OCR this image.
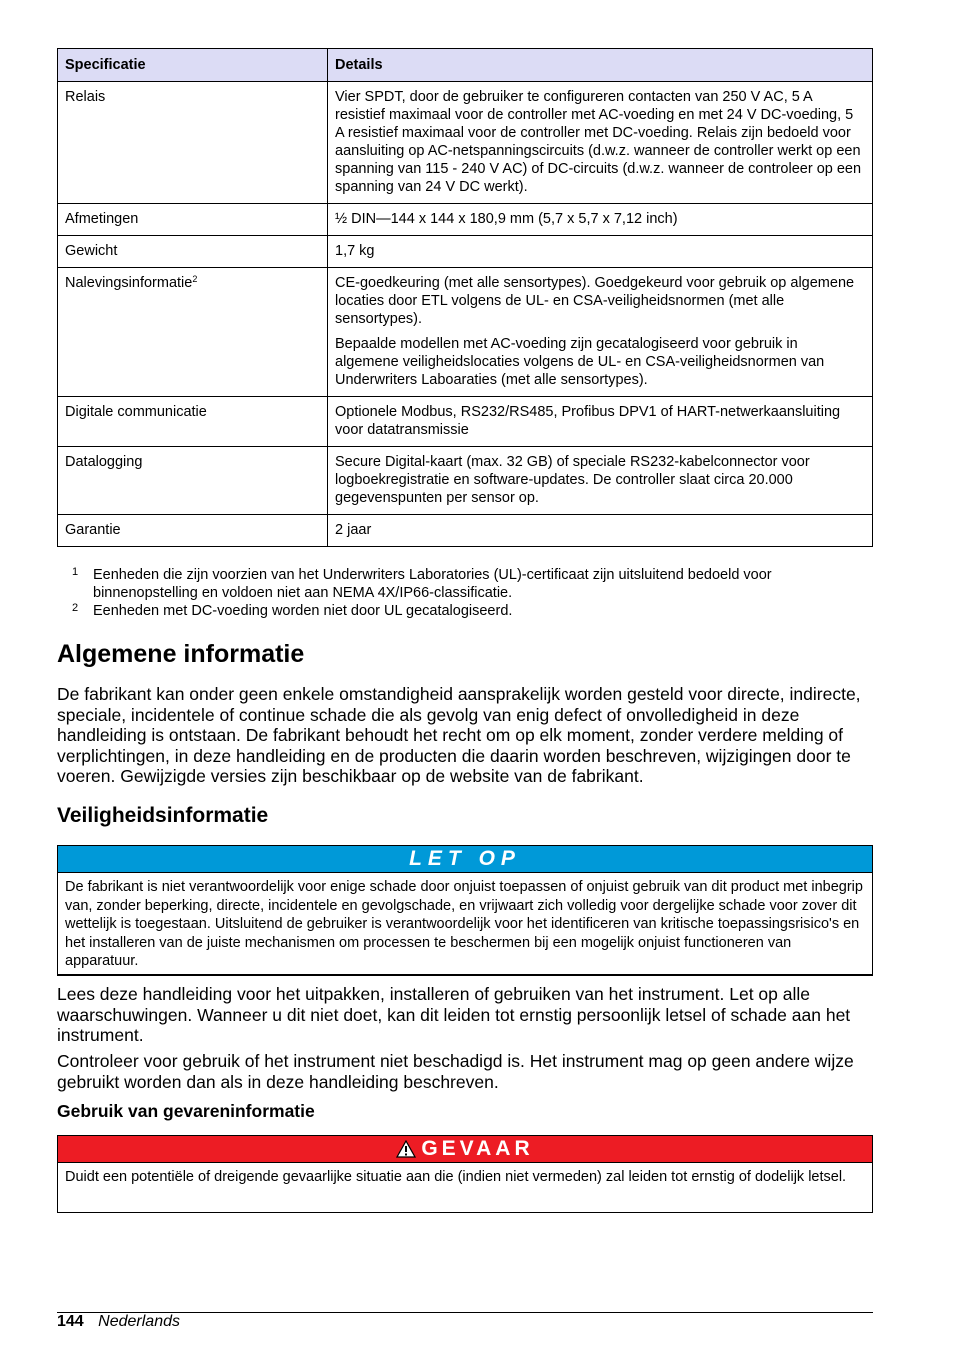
Specificatie	Details
Relais	Vier SPDT, door de gebruiker te configureren contacten van 250 V AC, 5 A resistief maximaal voor de controller met AC-voeding en met 24 V DC-voeding, 5 A resistief maximaal voor de controller met DC-voeding. Relais zijn bedoeld voor aansluiting op AC-netspanningscircuits (d.w.z. wanneer de controller werkt op een spanning van 115 - 240 V AC) of DC-circuits (d.w.z. wanneer de controleer op een spanning van 24 V DC werkt).

Afmetingen	½ DIN—144 x 144 x 180,9 mm (5,7 x 5,7 x 7,12 inch)

Gewicht	1,7 kg

Nalevingsinformatie$^2$	CE-goedkeuring (met alle sensortypes). Goedgekeurd voor gebruik op algemene locaties door ETL volgens de UL- en CSA-veiligheidsnormen (met alle sensortypes).

Bepaalde modellen met AC-voeding zijn gecatalogiseerd voor gebruik in algemene veiligheidslocaties volgens de UL- en CSA-veiligheidsnormen van Underwriters Laboaraties (met alle sensortypes).

Digitale communicatie	Optionele Modbus, RS232/RS485, Profibus DPV1 of HART-netwerkaansluiting voor datatransmissie

Datalogging	Secure Digital-kaart (max. 32 GB) of speciale RS232-kabelconnector voor logboekregistratie en software-updates. De controller slaat circa 20.000 gegevenspunten per sensor op.

Garantie	2 jaar

1	Eenheden die zijn voorzien van het Underwriters Laboratories (UL)-certificaat zijn uitsluitend bedoeld voor binnenopstelling en voldoen niet aan NEMA 4X/IP66-classificatie.
2	Eenheden met DC-voeding worden niet door UL gecatalogiseerd.
Algemene informatie

De fabrikant kan onder geen enkele omstandigheid aansprakelijk worden gesteld voor directe, indirecte, speciale, incidentele of continue schade die als gevolg van enig defect of onvolledigheid in deze handleiding is ontstaan. De fabrikant behoudt het recht om op elk moment, zonder verdere melding of verplichtingen, in deze handleiding en de producten die daarin worden beschreven, wijzigingen door te voeren. Gewijzigde versies zijn beschikbaar op de website van de fabrikant.

Veiligheidsinformatie
LET OP
De fabrikant is niet verantwoordelijk voor enige schade door onjuist toepassen of onjuist gebruik van dit product met inbegrip van, zonder beperking, directe, incidentele en gevolgschade, en vrijwaart zich volledig voor dergelijke schade voor zover dit wettelijk is toegestaan. Uitsluitend de gebruiker is verantwoordelijk voor het identificeren van kritische toepassingsrisico's en het installeren van de juiste mechanismen om processen te beschermen bij een mogelijk onjuist functioneren van apparatuur.

Lees deze handleiding voor het uitpakken, installeren of gebruiken van het instrument. Let op alle waarschuwingen. Wanneer u dit niet doet, kan dit leiden tot ernstig persoonlijk letsel of schade aan het instrument.

Controleer voor gebruik of het instrument niet beschadigd is. Het instrument mag op geen andere wijze gebruikt worden dan als in deze handleiding beschreven.

Gebruik van gevareninformatie
GEVAAR
Duidt een potentiële of dreigende gevaarlijke situatie aan die (indien niet vermeden) zal leiden tot ernstig of dodelijk letsel.
144 Nederlands
